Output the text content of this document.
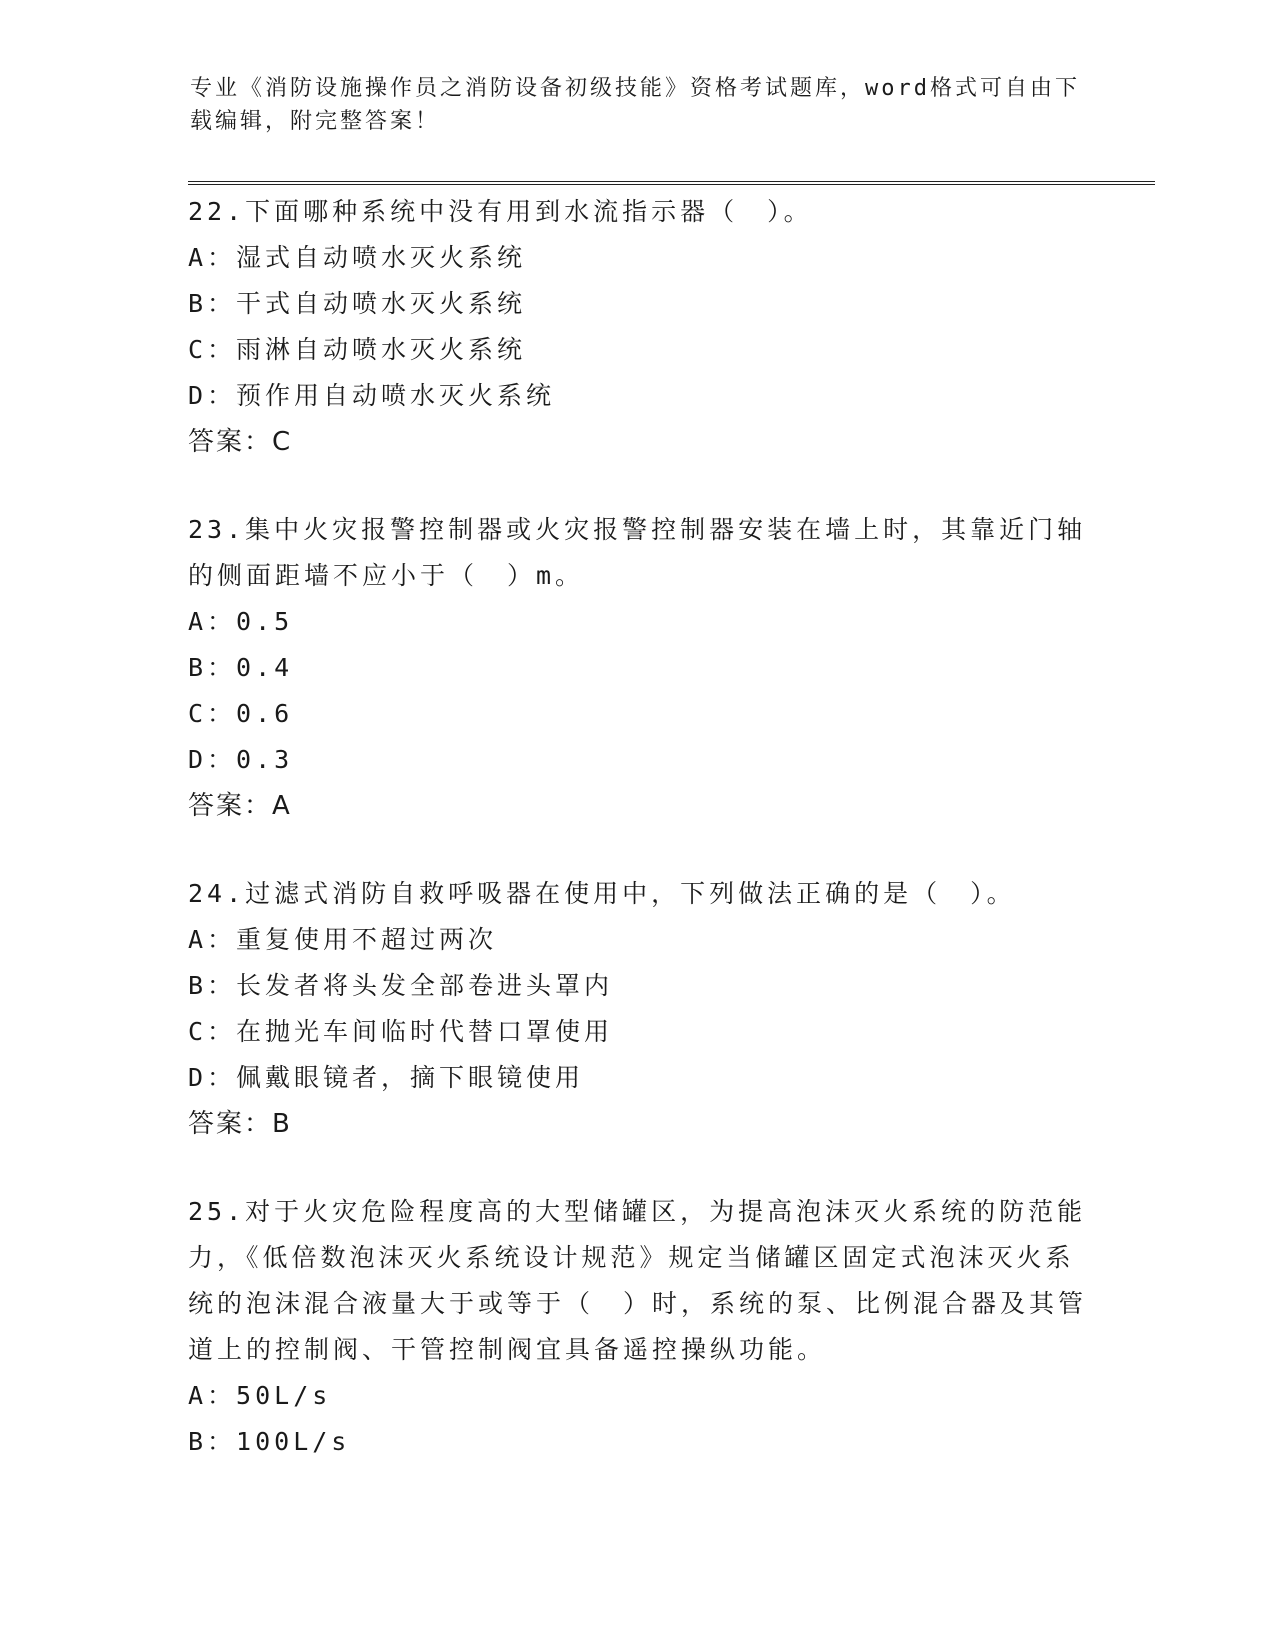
专业《消防设施操作员之消防设备初级技能》资格考试题库，word格式可自由下载编辑，附完整答案！

22.下面哪种系统中没有用到水流指示器（　）。

A：湿式自动喷水灭火系统

B：干式自动喷水灭火系统

C：雨淋自动喷水灭火系统

D：预作用自动喷水灭火系统

答案：C

23.集中火灾报警控制器或火灾报警控制器安装在墙上时，其靠近门轴的侧面距墙不应小于（　）m。

A：0.5

B：0.4

C：0.6

D：0.3

答案：A

24.过滤式消防自救呼吸器在使用中，下列做法正确的是（　）。

A：重复使用不超过两次

B：长发者将头发全部卷进头罩内

C：在抛光车间临时代替口罩使用

D：佩戴眼镜者，摘下眼镜使用

答案：B

25.对于火灾危险程度高的大型储罐区，为提高泡沫灭火系统的防范能力，《低倍数泡沫灭火系统设计规范》规定当储罐区固定式泡沫灭火系统的泡沫混合液量大于或等于（　）时，系统的泵、比例混合器及其管道上的控制阀、干管控制阀宜具备遥控操纵功能。

A：50L/s

B：100L/s
